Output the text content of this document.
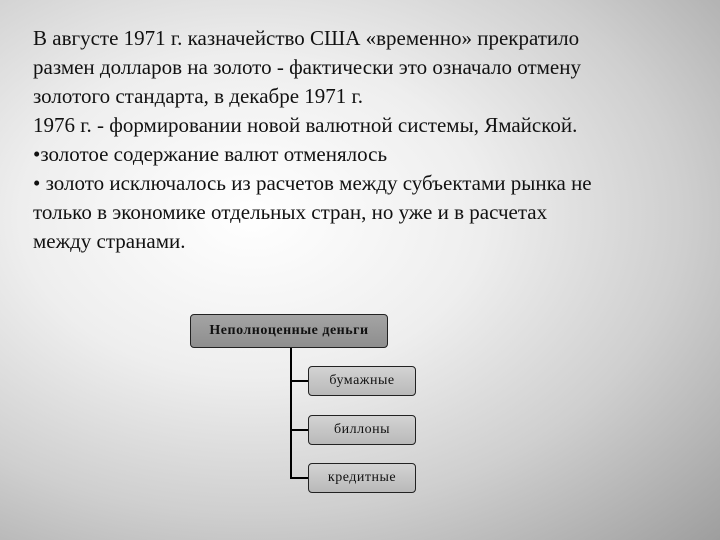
В августе 1971 г. казначейство США «временно» прекратило

размен долларов на золото - фактически это означало отмену

золотого стандарта, в декабре 1971 г.

1976 г. - формировании новой валютной системы, Ямайской.

•золотое содержание валют отменялось

• золото исключалось из расчетов между субъектами рынка не

только в экономике отдельных стран, но уже и в расчетах

между странами.

Неполноценные деньги
бумажные
биллоны
кредитные
